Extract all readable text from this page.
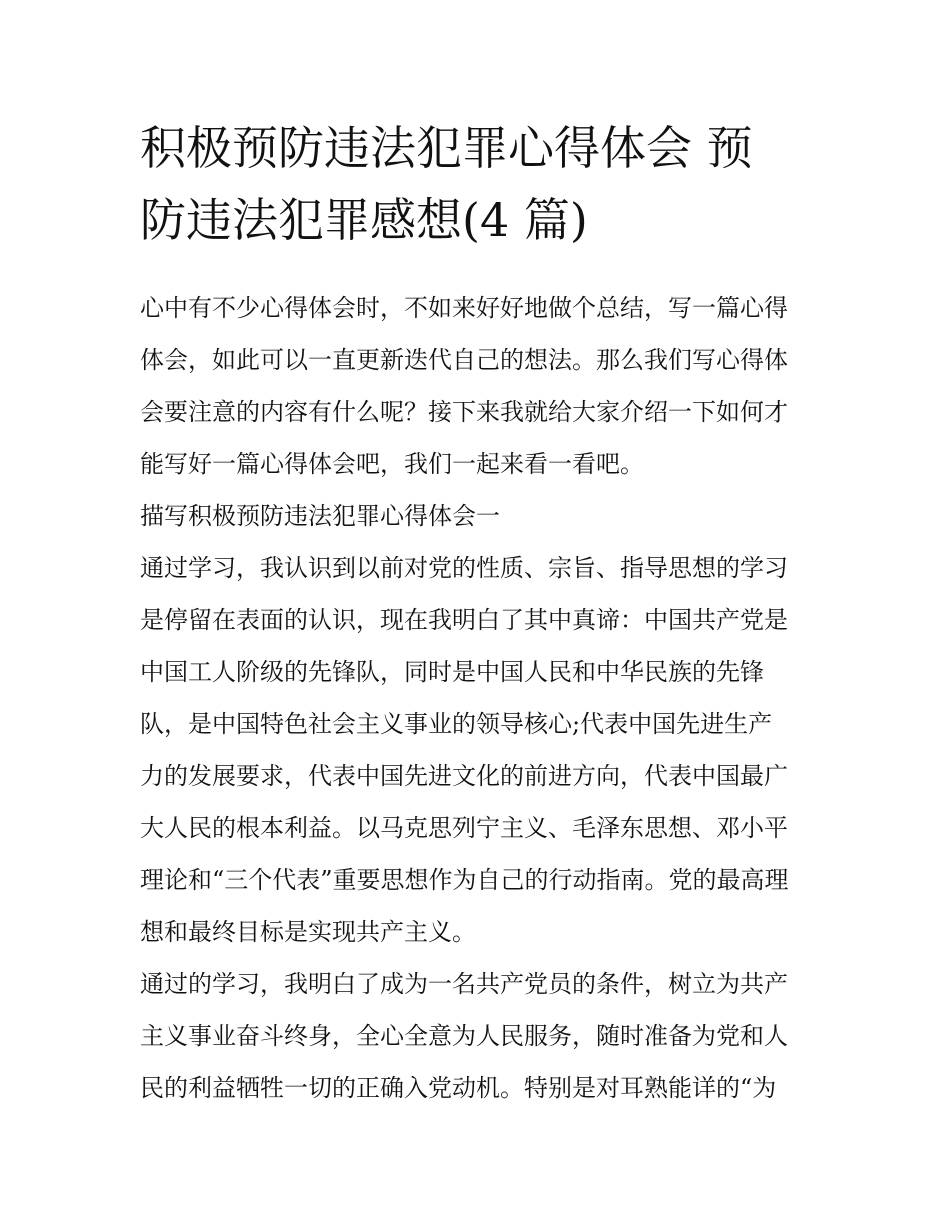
积极预防违法犯罪心得体会 预
防违法犯罪感想(4 篇)
心中有不少心得体会时，不如来好好地做个总结，写一篇心得
体会，如此可以一直更新迭代自己的想法。那么我们写心得体
会要注意的内容有什么呢？接下来我就给大家介绍一下如何才
能写好一篇心得体会吧，我们一起来看一看吧。
描写积极预防违法犯罪心得体会一
通过学习，我认识到以前对党的性质、宗旨、指导思想的学习
是停留在表面的认识，现在我明白了其中真谛：中国共产党是
中国工人阶级的先锋队，同时是中国人民和中华民族的先锋
队，是中国特色社会主义事业的领导核心;代表中国先进生产
力的发展要求，代表中国先进文化的前进方向，代表中国最广
大人民的根本利益。以马克思列宁主义、毛泽东思想、邓小平
理论和“三个代表”重要思想作为自己的行动指南。党的最高理
想和最终目标是实现共产主义。
通过的学习，我明白了成为一名共产党员的条件，树立为共产
主义事业奋斗终身，全心全意为人民服务，随时准备为党和人
民的利益牺牲一切的正确入党动机。特别是对耳熟能详的“为
